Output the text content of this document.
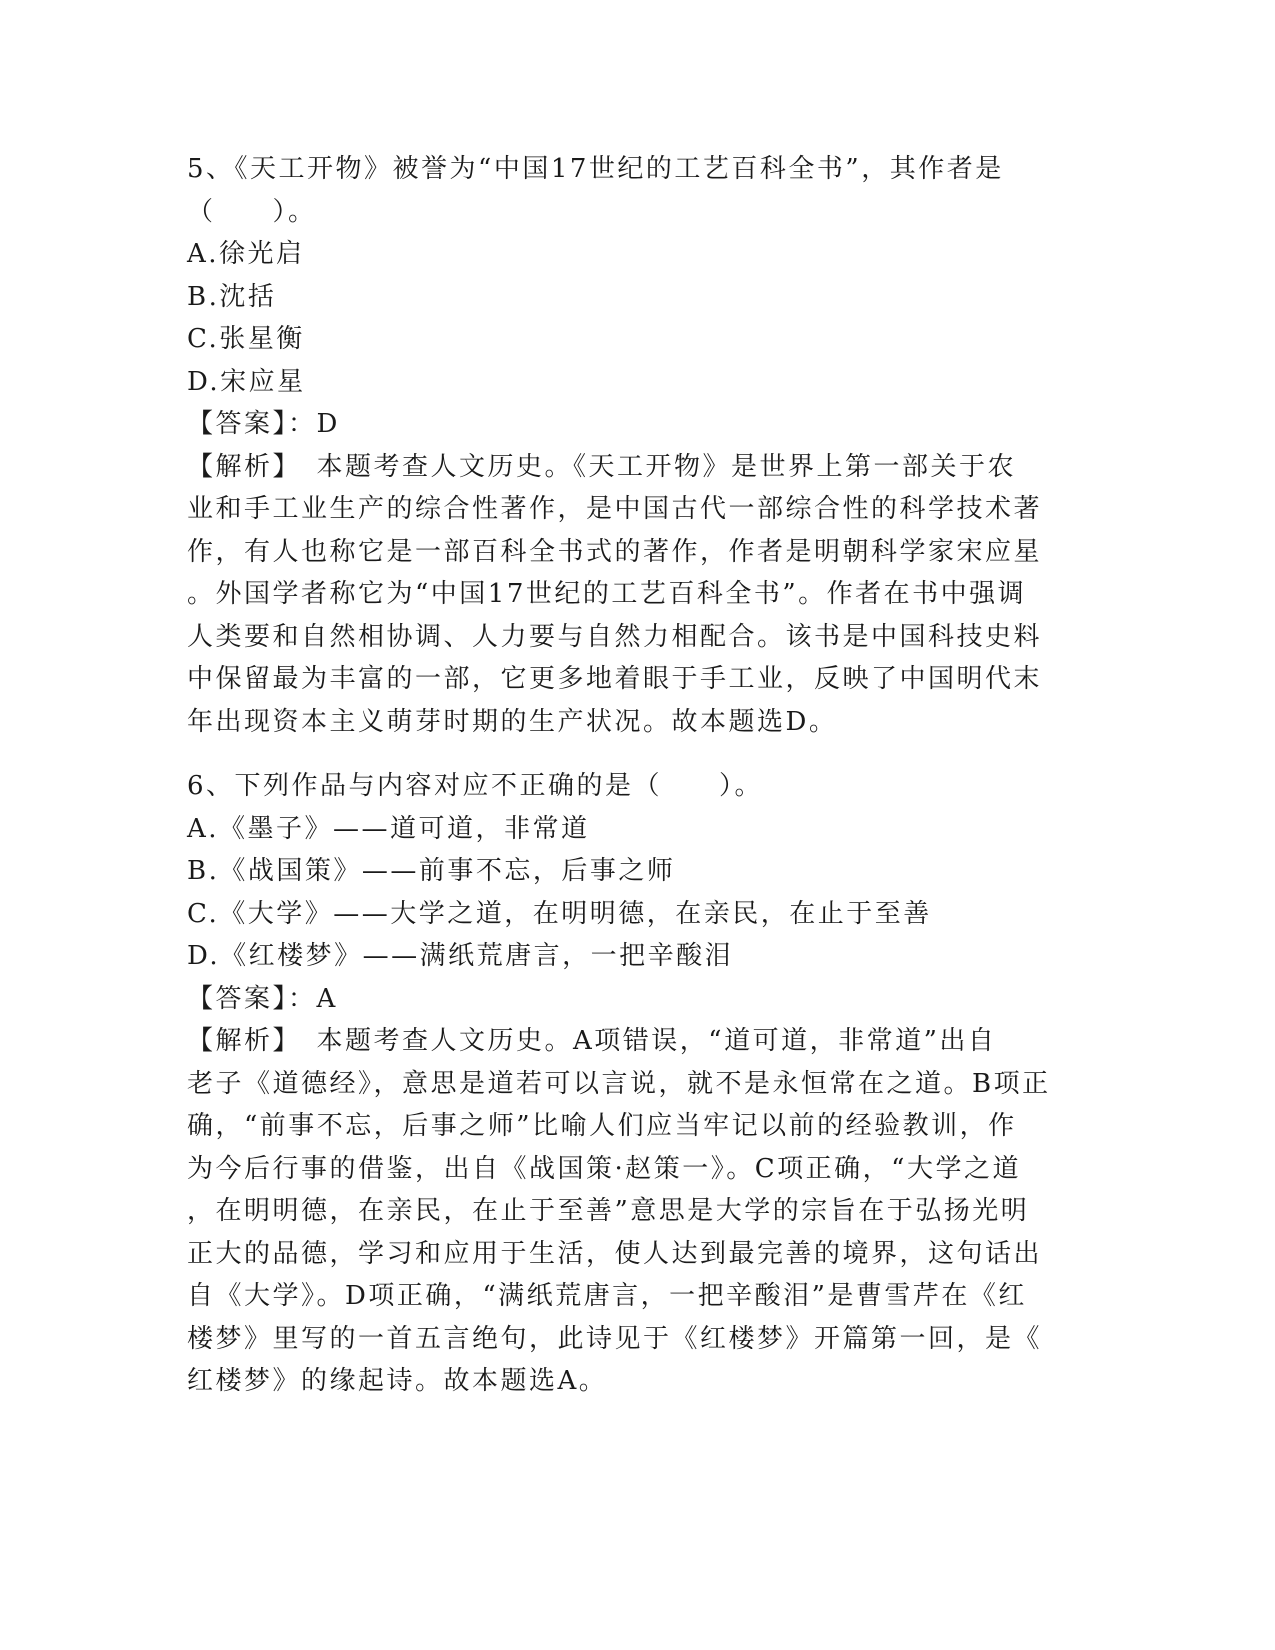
5、《天工开物》被誉为“中国17世纪的工艺百科全书”，其作者是

（　　）。

A.徐光启

B.沈括

C.张星衡

D.宋应星

【答案】：D

【解析】　本题考查人文历史。《天工开物》是世界上第一部关于农

业和手工业生产的综合性著作，是中国古代一部综合性的科学技术著

作，有人也称它是一部百科全书式的著作，作者是明朝科学家宋应星

。外国学者称它为“中国17世纪的工艺百科全书”。作者在书中强调

人类要和自然相协调、人力要与自然力相配合。该书是中国科技史料

中保留最为丰富的一部，它更多地着眼于手工业，反映了中国明代末

年出现资本主义萌芽时期的生产状况。故本题选D。

6、下列作品与内容对应不正确的是（　　）。

A.《墨子》——道可道，非常道

B.《战国策》——前事不忘，后事之师

C.《大学》——大学之道，在明明德，在亲民，在止于至善

D.《红楼梦》——满纸荒唐言，一把辛酸泪

【答案】：A

【解析】　本题考查人文历史。A项错误，“道可道，非常道”出自

老子《道德经》，意思是道若可以言说，就不是永恒常在之道。B项正

确，“前事不忘，后事之师”比喻人们应当牢记以前的经验教训，作

为今后行事的借鉴，出自《战国策·赵策一》。C项正确，“大学之道

，在明明德，在亲民，在止于至善”意思是大学的宗旨在于弘扬光明

正大的品德，学习和应用于生活，使人达到最完善的境界，这句话出

自《大学》。D项正确，“满纸荒唐言，一把辛酸泪”是曹雪芹在《红

楼梦》里写的一首五言绝句，此诗见于《红楼梦》开篇第一回，是《

红楼梦》的缘起诗。故本题选A。
